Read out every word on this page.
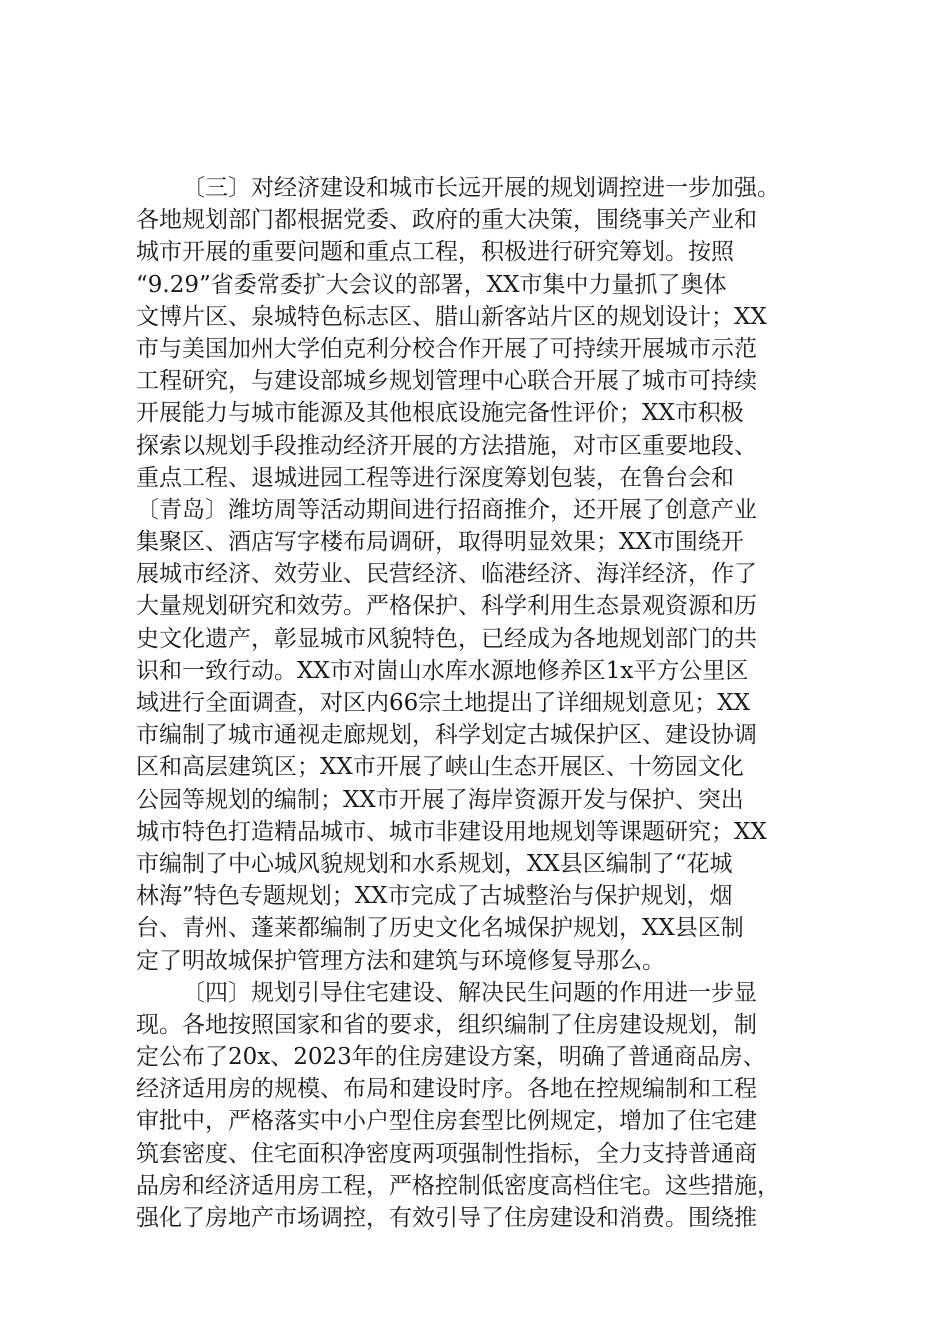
〔三〕对经济建设和城市长远开展的规划调控进一步加强。
各地规划部门都根据党委、政府的重大决策，围绕事关产业和
城市开展的重要问题和重点工程，积极进行研究筹划。按照
“9.29”省委常委扩大会议的部署，XX市集中力量抓了奥体
文博片区、泉城特色标志区、腊山新客站片区的规划设计；XX
市与美国加州大学伯克利分校合作开展了可持续开展城市示范
工程研究，与建设部城乡规划管理中心联合开展了城市可持续
开展能力与城市能源及其他根底设施完备性评价；XX市积极
探索以规划手段推动经济开展的方法措施，对市区重要地段、
重点工程、退城进园工程等进行深度筹划包装，在鲁台会和
〔青岛〕潍坊周等活动期间进行招商推介，还开展了创意产业
集聚区、酒店写字楼布局调研，取得明显效果；XX市围绕开
展城市经济、效劳业、民营经济、临港经济、海洋经济，作了
大量规划研究和效劳。严格保护、科学利用生态景观资源和历
史文化遗产，彰显城市风貌特色，已经成为各地规划部门的共
识和一致行动。XX市对崮山水库水源地修养区1x平方公里区
域进行全面调查，对区内66宗土地提出了详细规划意见；XX
市编制了城市通视走廊规划，科学划定古城保护区、建设协调
区和高层建筑区；XX市开展了峡山生态开展区、十笏园文化
公园等规划的编制；XX市开展了海岸资源开发与保护、突出
城市特色打造精品城市、城市非建设用地规划等课题研究；XX
市编制了中心城风貌规划和水系规划，XX县区编制了“花城
林海”特色专题规划；XX市完成了古城整治与保护规划，烟
台、青州、蓬莱都编制了历史文化名城保护规划，XX县区制
定了明故城保护管理方法和建筑与环境修复导那么。
〔四〕规划引导住宅建设、解决民生问题的作用进一步显
现。各地按照国家和省的要求，组织编制了住房建设规划，制
定公布了20x、2023年的住房建设方案，明确了普通商品房、
经济适用房的规模、布局和建设时序。各地在控规编制和工程
审批中，严格落实中小户型住房套型比例规定，增加了住宅建
筑套密度、住宅面积净密度两项强制性指标，全力支持普通商
品房和经济适用房工程，严格控制低密度高档住宅。这些措施，
强化了房地产市场调控，有效引导了住房建设和消费。围绕推
